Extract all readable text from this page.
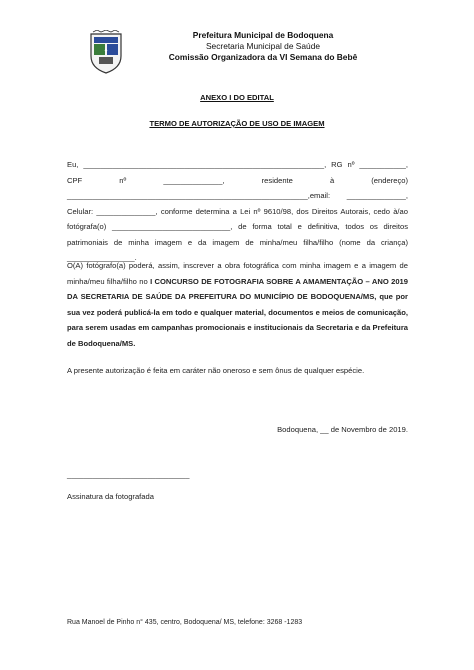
✦
Prefeitura Municipal de Bodoquena
Secretaria Municipal de Saúde
Comissão Organizadora da VI Semana do Bebê
ANEXO I DO EDITAL
TERMO DE AUTORIZAÇÃO DE USO DE IMAGEM
Eu, _________________________________________________________, RG nº ___________, CPF nº ______________, residente à (endereço) _________________________________________________________,email: ______________, Celular: ______________, conforme determina a Lei nº 9610/98, dos Direitos Autorais, cedo à/ao fotógrafa(o) ____________________________, de forma total e definitiva, todos os direitos patrimoniais de minha imagem e da imagem de minha/meu filha/filho (nome da criança) ________________.
O(A) fotógrafo(a) poderá, assim, inscrever a obra fotográfica com minha imagem e a imagem de minha/meu filha/filho no I CONCURSO DE FOTOGRAFIA SOBRE A AMAMENTAÇÃO – ANO 2019 DA SECRETARIA DE SAÚDE DA PREFEITURA DO MUNICÍPIO DE BODOQUENA/MS, que por sua vez poderá publicá-la em todo e qualquer material, documentos e meios de comunicação, para serem usadas em campanhas promocionais e institucionais da Secretaria e da Prefeitura de Bodoquena/MS.
A presente autorização é feita em caráter não oneroso e sem ônus de qualquer espécie.
Bodoquena, __ de Novembro de 2019.
_____________________________
Assinatura da fotografada
Rua Manoel de Pinho n° 435, centro, Bodoquena/ MS, telefone: 3268 -1283
